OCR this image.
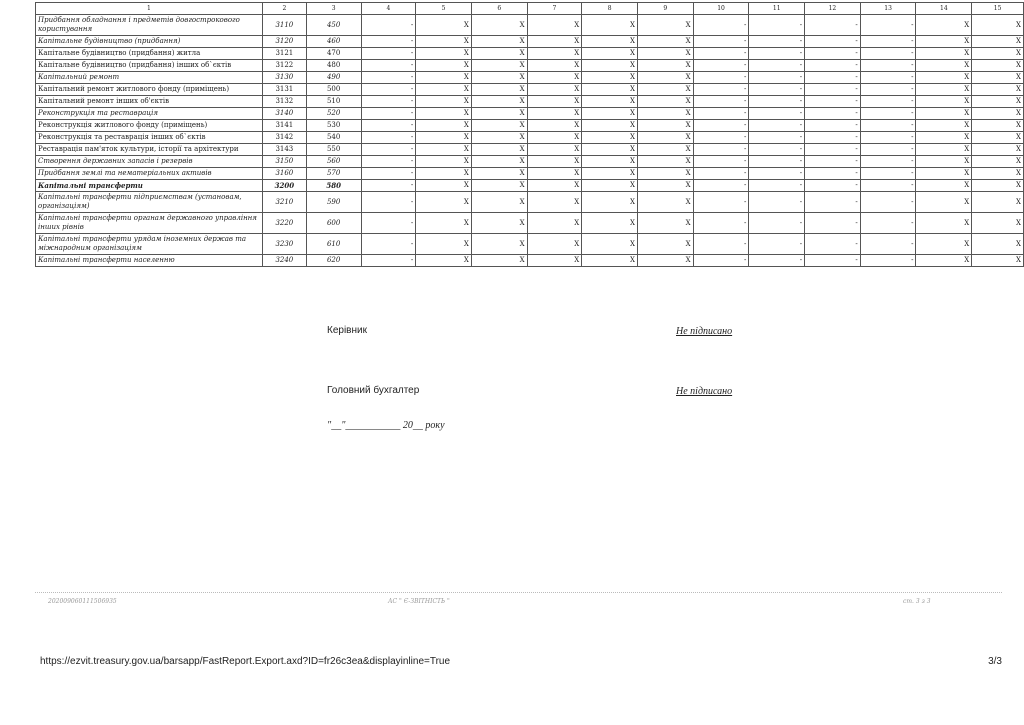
1	2	3	4	5	6	7	8	9	10	11	12	13	14	15
Придбання обладнання і предметів довгострокового користування	3110	450	-	X	X	X	X	X	-	-	-	-	X	X
Капітальне будівництво (придбання)	3120	460	-	X	X	X	X	X	-	-	-	-	X	X
Капітальне будівництво (придбання) житла	3121	470	-	X	X	X	X	X	-	-	-	-	X	X
Капітальне будівництво (придбання) інших об`єктів	3122	480	-	X	X	X	X	X	-	-	-	-	X	X
Капітальний ремонт	3130	490	-	X	X	X	X	X	-	-	-	-	X	X
Капітальний ремонт житлового фонду (приміщень)	3131	500	-	X	X	X	X	X	-	-	-	-	X	X
Капітальний ремонт інших об'єктів	3132	510	-	X	X	X	X	X	-	-	-	-	X	X
Реконструкція та реставрація	3140	520	-	X	X	X	X	X	-	-	-	-	X	X
Реконструкція житлового фонду (приміщень)	3141	530	-	X	X	X	X	X	-	-	-	-	X	X
Реконструкція та реставрація інших об`єктів	3142	540	-	X	X	X	X	X	-	-	-	-	X	X
Реставрація пам'яток культури, історії та архітектури	3143	550	-	X	X	X	X	X	-	-	-	-	X	X
Створення державних запасів і резервів	3150	560	-	X	X	X	X	X	-	-	-	-	X	X
Придбання землі та нематеріальних активів	3160	570	-	X	X	X	X	X	-	-	-	-	X	X
Капітальні трансферти	3200	580	-	X	X	X	X	X	-	-	-	-	X	X
Капітальні трансферти підприємствам (установам, організаціям)	3210	590	-	X	X	X	X	X	-	-	-	-	X	X
Капітальні трансферти органам державного управління інших рівнів	3220	600	-	X	X	X	X	X	-	-	-	-	X	X
Капітальні трансферти урядам іноземних держав та міжнародним організаціям	3230	610	-	X	X	X	X	X	-	-	-	-	X	X
Капітальні трансферти населенню	3240	620	-	X	X	X	X	X	-	-	-	-	X	X
Керівник	Не підписано
Головний бухгалтер	Не підписано
"__"___________ 20__ року
202009060111506935	АС " Є-ЗВІТНІСТЬ "	ст. 3 з 3
https://ezvit.treasury.gov.ua/barsapp/FastReport.Export.axd?ID=fr26c3ea&displayinline=True	3/3
